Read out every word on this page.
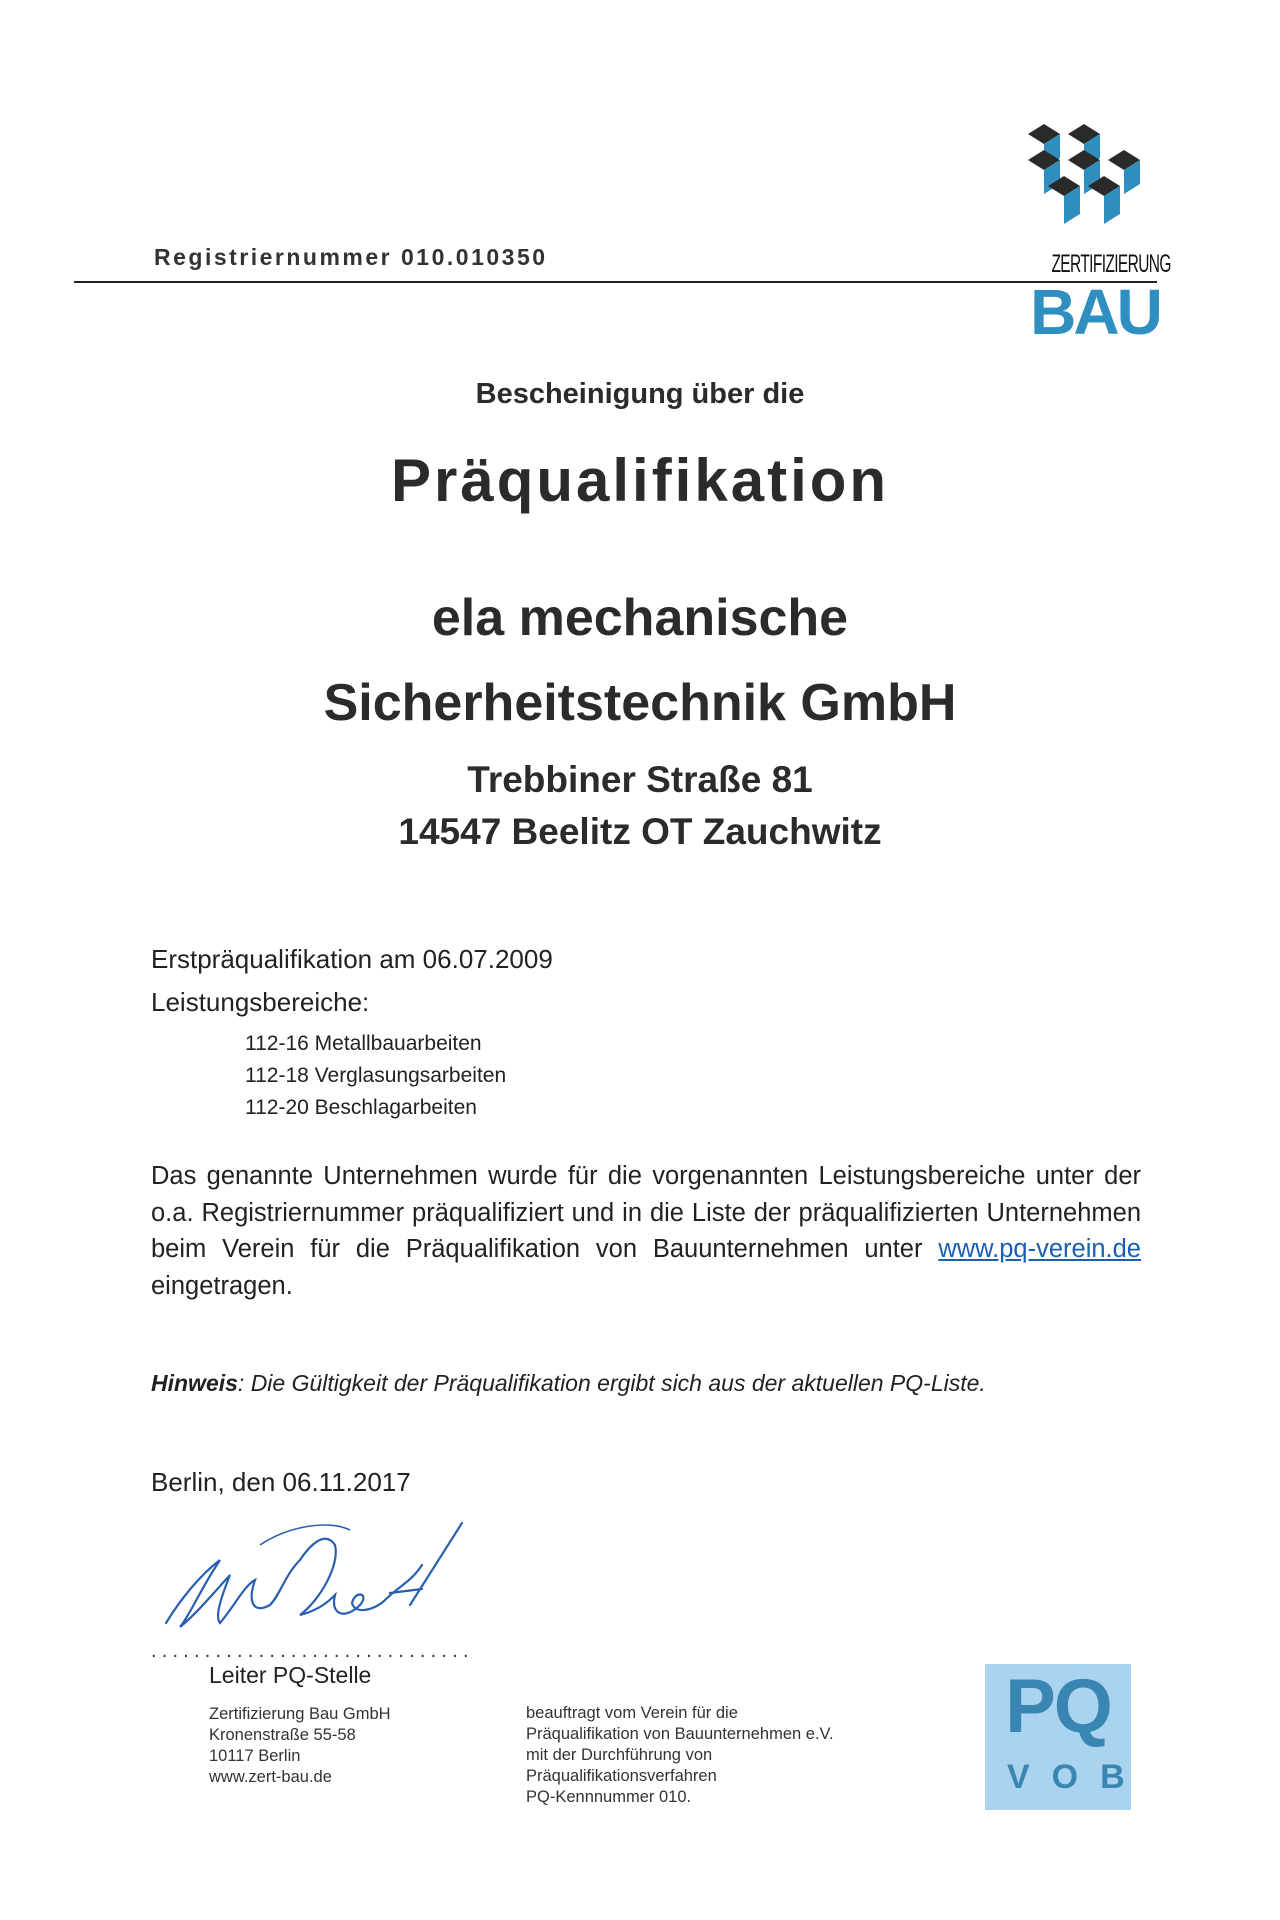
Registriernummer 010.010350	ZERTIFIZIERUNG
BAU
Bescheinigung über die
Präqualifikation
ela mechanische
Sicherheitstechnik GmbH
Trebbiner Straße 81
14547 Beelitz OT Zauchwitz
Erstpräqualifikation am 06.07.2009
Leistungsbereiche:
112-16 Metallbauarbeiten
112-18 Verglasungsarbeiten
112-20 Beschlagarbeiten
Das genannte Unternehmen wurde für die vorgenannten Leistungsbereiche unter der o.a. Registriernummer präqualifiziert und in die Liste der präqualifizierten Unternehmen beim Verein für die Präqualifikation von Bauunternehmen unter www.pq-verein.de eingetragen.
Hinweis: Die Gültigkeit der Präqualifikation ergibt sich aus der aktuellen PQ-Liste.
Berlin, den 06.11.2017
..............................
Leiter PQ-Stelle
Zertifizierung Bau GmbH
Kronenstraße 55-58
10117 Berlin
www.zert-bau.de
beauftragt vom Verein für die
Präqualifikation von Bauunternehmen e.V.
mit der Durchführung von
Präqualifikationsverfahren
PQ-Kennnummer 010.
PQ
VOB
